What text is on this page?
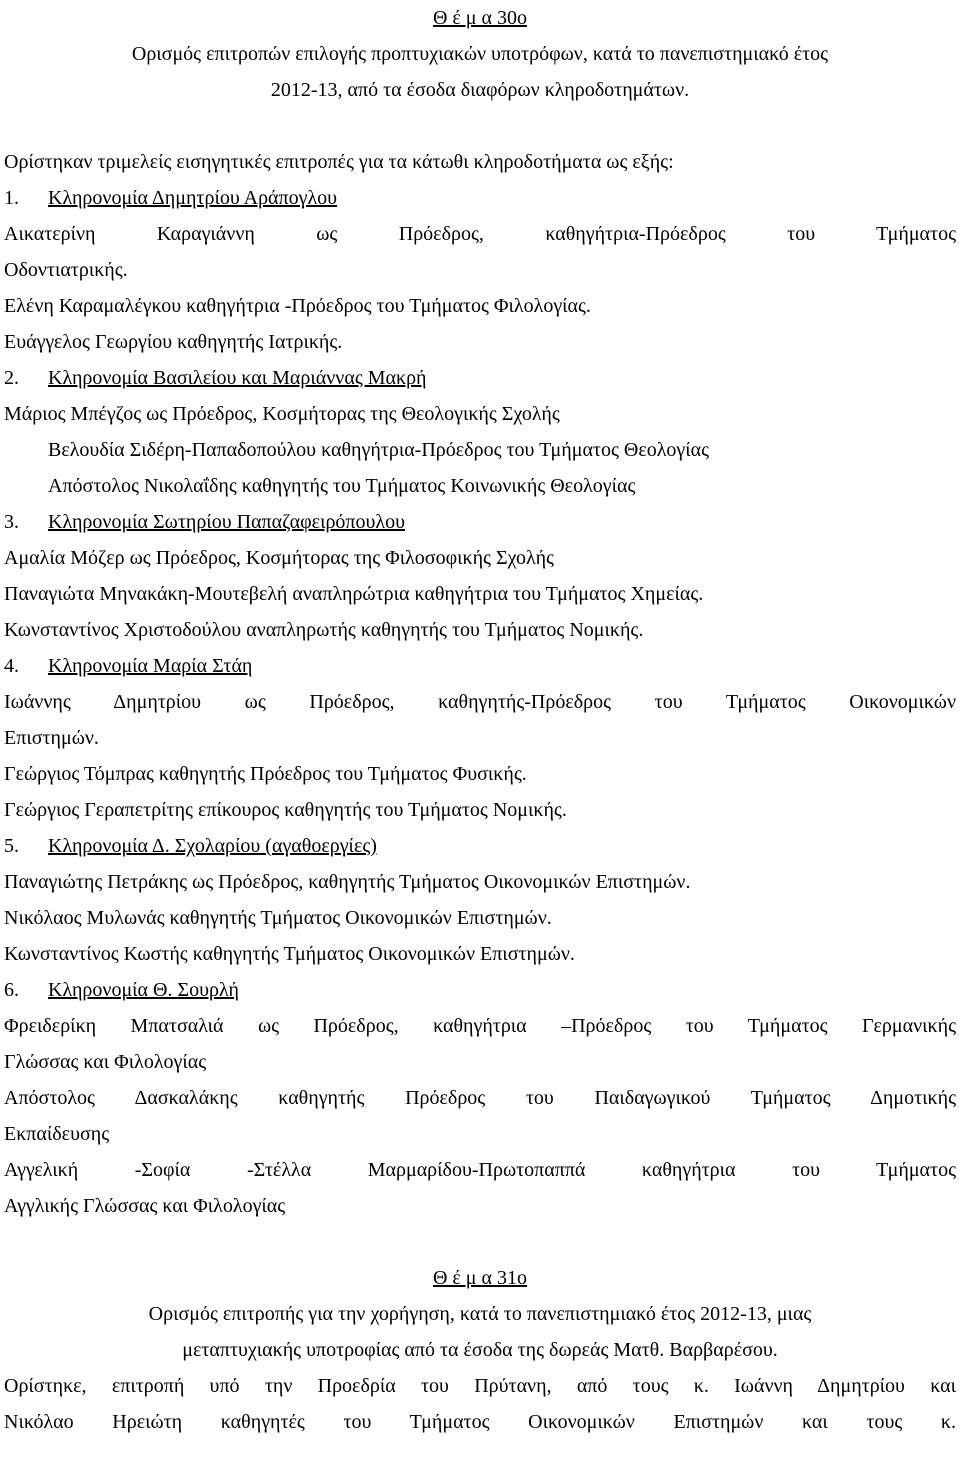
Θ έ μ α 30ο
Ορισμός επιτροπών επιλογής προπτυχιακών υποτρόφων, κατά το πανεπιστημιακό έτος
2012-13, από τα έσοδα διαφόρων κληροδοτημάτων.
Ορίστηκαν τριμελείς εισηγητικές επιτροπές για τα κάτωθι κληροδοτήματα ως εξής:
1. Κληρονομία Δημητρίου Αράπογλου
Αικατερίνη Καραγιάννη ως Πρόεδρος, καθηγήτρια-Πρόεδρος του Τμήματος
Οδοντιατρικής.
Ελένη Καραμαλέγκου καθηγήτρια -Πρόεδρος του Τμήματος Φιλολογίας.
Ευάγγελος Γεωργίου καθηγητής Ιατρικής.
2. Κληρονομία Βασιλείου και Μαριάννας Μακρή
Μάριος Μπέγζος ως Πρόεδρος, Κοσμήτορας της Θεολογικής Σχολής
Βελουδία Σιδέρη-Παπαδοπούλου καθηγήτρια-Πρόεδρος του Τμήματος Θεολογίας
Απόστολος Νικολαΐδης καθηγητής του Τμήματος Κοινωνικής Θεολογίας
3. Κληρονομία Σωτηρίου Παπαζαφειρόπουλου
Αμαλία Μόζερ ως Πρόεδρος, Κοσμήτορας της Φιλοσοφικής Σχολής
Παναγιώτα Μηνακάκη-Μουτεβελή αναπληρώτρια καθηγήτρια του Τμήματος Χημείας.
Κωνσταντίνος Χριστοδούλου αναπληρωτής καθηγητής του Τμήματος Νομικής.
4. Κληρονομία Μαρία Στάη
Ιωάννης Δημητρίου ως Πρόεδρος, καθηγητής-Πρόεδρος του Τμήματος Οικονομικών
Επιστημών.
Γεώργιος Τόμπρας καθηγητής Πρόεδρος του Τμήματος Φυσικής.
Γεώργιος Γεραπετρίτης επίκουρος καθηγητής του Τμήματος Νομικής.
5. Κληρονομία Δ. Σχολαρίου (αγαθοεργίες)
Παναγιώτης Πετράκης ως Πρόεδρος, καθηγητής Τμήματος Οικονομικών Επιστημών.
Νικόλαος Μυλωνάς καθηγητής Τμήματος Οικονομικών Επιστημών.
Κωνσταντίνος Κωστής καθηγητής Τμήματος Οικονομικών Επιστημών.
6. Κληρονομία Θ. Σουρλή
Φρειδερίκη Μπατσαλιά ως Πρόεδρος, καθηγήτρια –Πρόεδρος του Τμήματος Γερμανικής
Γλώσσας και Φιλολογίας
Απόστολος Δασκαλάκης καθηγητής Πρόεδρος του Παιδαγωγικού Τμήματος Δημοτικής
Εκπαίδευσης
Αγγελική -Σοφία -Στέλλα Μαρμαρίδου-Πρωτοπαππά καθηγήτρια του Τμήματος
Αγγλικής Γλώσσας και Φιλολογίας
Θ έ μ α 31ο
Ορισμός επιτροπής για την χορήγηση, κατά το πανεπιστημιακό έτος 2012-13, μιας
μεταπτυχιακής υποτροφίας από τα έσοδα της δωρεάς Ματθ. Βαρβαρέσου.
Ορίστηκε, επιτροπή υπό την Προεδρία του Πρύτανη, από τους κ. Ιωάννη Δημητρίου και
Νικόλαο Ηρειώτη καθηγητές του Τμήματος Οικονομικών Επιστημών και τους κ.
